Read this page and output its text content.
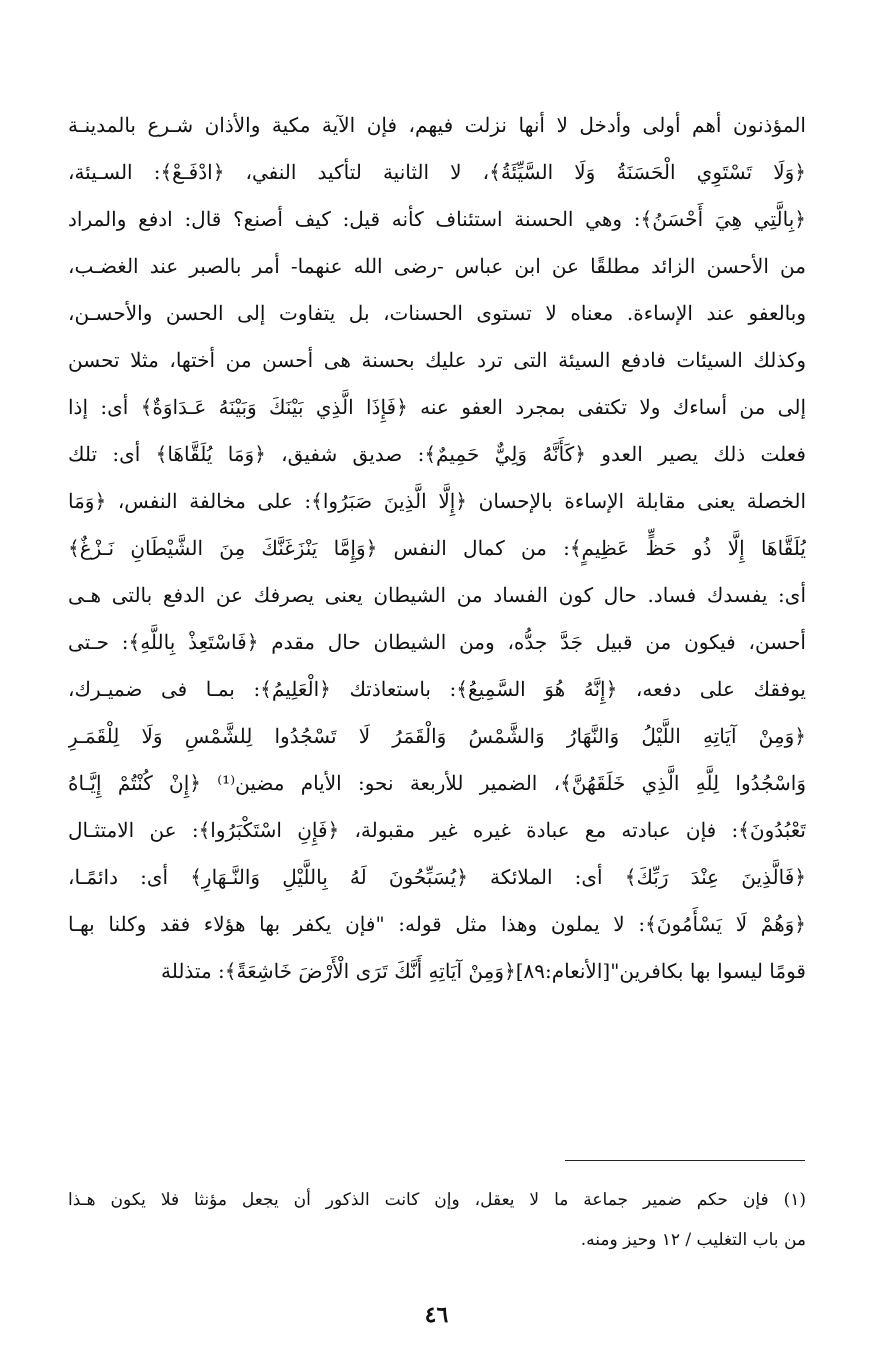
المؤذنون أهم أولى وأدخل لا أنها نزلت فيهم، فإن الآية مكية والأذان شـرع بالمدينـة
﴿وَلَا تَسْتَوِي الْحَسَنَةُ وَلَا السَّيِّئَةُ﴾، لا الثانية لتأكيد النفي، ﴿ادْفَـعْ﴾: السـيئة،
﴿بِالَّتِي هِيَ أَحْسَنُ﴾: وهي الحسنة استئناف كأنه قيل: كيف أصنع؟ قال: ادفع والمراد
من الأحسن الزائد مطلقًا عن ابن عباس -رضى الله عنهما- أمر بالصبر عند الغضـب،
وبالعفو عند الإساءة. معناه لا تستوى الحسنات، بل يتفاوت إلى الحسن والأحسـن،
وكذلك السيئات فادفع السيئة التى ترد عليك بحسنة هى أحسن من أختها، مثلا تحسن
إلى من أساءك ولا تكتفى بمجرد العفو عنه ﴿فَإِذَا الَّذِي بَيْنَكَ وَبَيْنَهُ عَـدَاوَةٌ﴾ أى: إذا
فعلت ذلك يصير العدو ﴿كَأَنَّهُ وَلِيٌّ حَمِيمٌ﴾: صديق شفيق، ﴿وَمَا يُلَقَّاهَا﴾ أى: تلك
الخصلة يعنى مقابلة الإساءة بالإحسان ﴿إِلَّا الَّذِينَ صَبَرُوا﴾: على مخالفة النفس، ﴿وَمَا
يُلَقَّاهَا إِلَّا ذُو حَظٍّ عَظِيمٍ﴾: من كمال النفس ﴿وَإِمَّا يَنْزَغَنَّكَ مِنَ الشَّيْطَانِ نَـزْغٌ﴾
أى: يفسدك فساد. حال كون الفساد من الشيطان يعنى يصرفك عن الدفع بالتى هـى
أحسن، فيكون من قبيل جَدَّ جدُّه، ومن الشيطان حال مقدم ﴿فَاسْتَعِذْ بِاللَّهِ﴾: حـتى
يوفقك على دفعه، ﴿إِنَّهُ هُوَ السَّمِيعُ﴾: باستعاذتك ﴿الْعَلِيمُ﴾: بمـا فى ضميـرك،
﴿وَمِنْ آيَاتِهِ اللَّيْلُ وَالنَّهَارُ وَالشَّمْسُ وَالْقَمَرُ لَا تَسْجُدُوا لِلشَّمْسِ وَلَا لِلْقَمَـرِ
وَاسْجُدُوا لِلَّهِ الَّذِي خَلَقَهُنَّ﴾، الضمير للأربعة نحو: الأيام مضين⁽¹⁾ ﴿إِنْ كُنْتُمْ إِيَّـاهُ
تَعْبُدُونَ﴾: فإن عبادته مع عبادة غيره غير مقبولة، ﴿فَإِنِ اسْتَكْبَرُوا﴾: عن الامتثـال
﴿فَالَّذِينَ عِنْدَ رَبِّكَ﴾ أى: الملائكة ﴿يُسَبِّحُونَ لَهُ بِاللَّيْلِ وَالنَّـهَارِ﴾ أى: دائمًـا،
﴿وَهُمْ لَا يَسْأَمُونَ﴾: لا يملون وهذا مثل قوله: "فإن يكفر بها هؤلاء فقد وكلنا بهـا
قومًا ليسوا بها بكافرين"[الأنعام:٨٩]﴿وَمِنْ آيَاتِهِ أَنَّكَ تَرَى الْأَرْضَ خَاشِعَةً﴾: متذللة
(١) فإن حكم ضمير جماعة ما لا يعقل، وإن كانت الذكور أن يجعل مؤنثا فلا يكون هـذا
من باب التغليب / ١٢ وحيز ومنه.
٤٦
